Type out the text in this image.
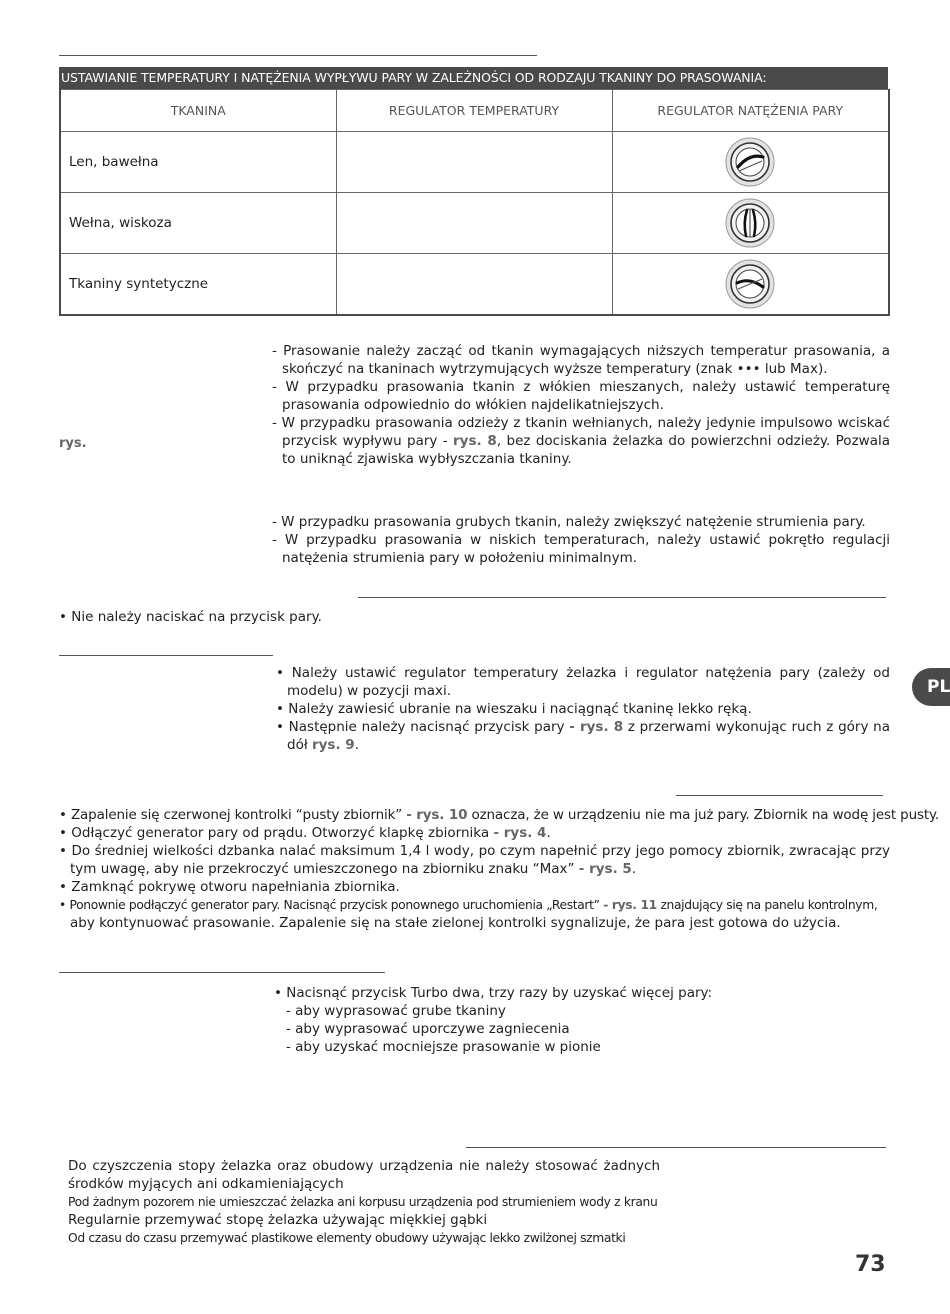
USTAWIANIE TEMPERATURY I NATĘŻENIA WYPŁYWU PARY W ZALEŻNOŚCI OD RODZAJU TKANINY DO PRASOWANIA:
TKANINA	REGULATOR TEMPERATURY	REGULATOR NATĘŻENIA PARY
Len, bawełna		
Wełna, wiskoza		
Tkaniny syntetyczne		
rys.
- Prasowanie należy zacząć od tkanin wymagających niższych temperatur prasowania, a skończyć na tkaninach wytrzymujących wyższe temperatury (znak ••• lub Max).
- W przypadku prasowania tkanin z włókien mieszanych, należy ustawić temperaturę prasowania odpowiednio do włókien najdelikatniejszych.
- W przypadku prasowania odzieży z tkanin wełnianych, należy jedynie impulsowo wciskać przycisk wypływu pary - rys. 8, bez dociskania żelazka do powierzchni odzieży. Pozwala to uniknąć zjawiska wybłyszczania tkaniny.
- W przypadku prasowania grubych tkanin, należy zwiększyć natężenie strumienia pary.
- W przypadku prasowania w niskich temperaturach, należy ustawić pokrętło regulacji natężenia strumienia pary w położeniu minimalnym.
• Nie należy naciskać na przycisk pary.
• Należy ustawić regulator temperatury żelazka i regulator natężenia pary (zależy od modelu) w pozycji maxi.
• Należy zawiesić ubranie na wieszaku i naciągnąć tkaninę lekko ręką.
• Następnie należy nacisnąć przycisk pary - rys. 8 z przerwami wykonując ruch z góry na dół rys. 9.
• Zapalenie się czerwonej kontrolki “pusty zbiornik” - rys. 10 oznacza, że w urządzeniu nie ma już pary. Zbiornik na wodę jest pusty.
• Odłączyć generator pary od prądu. Otworzyć klapkę zbiornika - rys. 4.
• Do średniej wielkości dzbanka nalać maksimum 1,4 l wody, po czym napełnić przy jego pomocy zbiornik, zwracając przy tym uwagę, aby nie przekroczyć umieszczonego na zbiorniku znaku “Max” - rys. 5.
• Zamknąć pokrywę otworu napełniania zbiornika.
• Ponownie podłączyć generator pary. Nacisnąć przycisk ponownego uruchomienia „Restart” - rys. 11 znajdujący się na panelu kontrolnym,
aby kontynuować prasowanie. Zapalenie się na stałe zielonej kontrolki sygnalizuje, że para jest gotowa do użycia.
• Nacisnąć przycisk Turbo dwa, trzy razy by uzyskać więcej pary:
- aby wyprasować grube tkaniny
- aby wyprasować uporczywe zagniecenia
- aby uzyskać mocniejsze prasowanie w pionie
Do czyszczenia stopy żelazka oraz obudowy urządzenia nie należy stosować żadnych środków myjących ani odkamieniających
Pod żadnym pozorem nie umieszczać żelazka ani korpusu urządzenia pod strumieniem wody z kranu
Regularnie przemywać stopę żelazka używając miękkiej gąbki
Od czasu do czasu przemywać plastikowe elementy obudowy używając lekko zwilżonej szmatki
PL
73
